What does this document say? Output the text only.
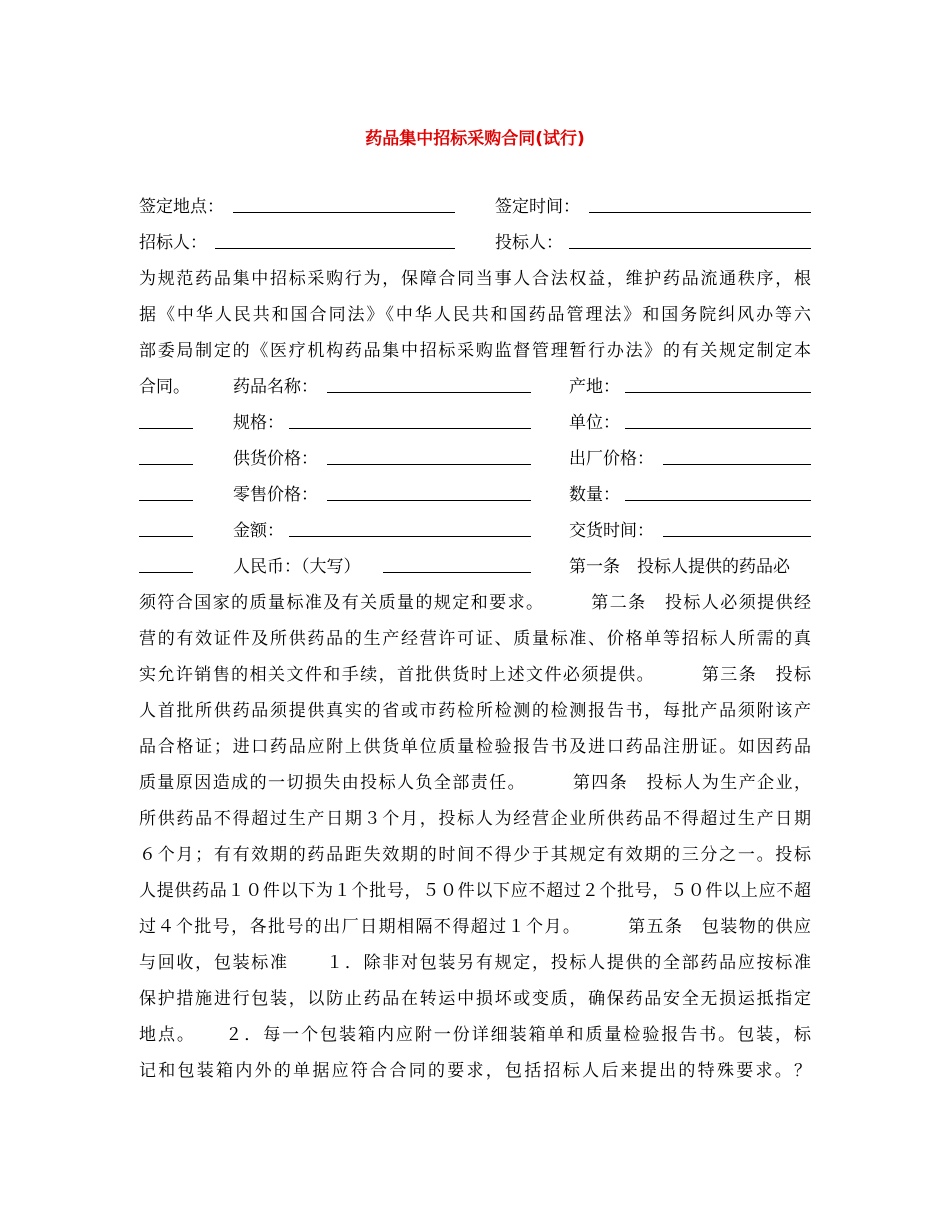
药品集中招标采购合同(试行)
签定地点：	签定时间：
招标人：	投标人：
为规范药品集中招标采购行为，保障合同当事人合法权益，维护药品流通秩序，根
据《中华人民共和国合同法》《中华人民共和国药品管理法》和国务院纠风办等六
部委局制定的《医疗机构药品集中招标采购监督管理暂行办法》的有关规定制定本
合同。	药品名称：	产地：
规格：	单位：
供货价格：	出厂价格：
零售价格：	数量：
金额：	交货时间：
人民币：（大写）	第一条　投标人提供的药品必
须符合国家的质量标准及有关质量的规定和要求。　　　第二条　投标人必须提供经
营的有效证件及所供药品的生产经营许可证、质量标准、价格单等招标人所需的真
实允许销售的相关文件和手续，首批供货时上述文件必须提供。　　　第三条　投标
人首批所供药品须提供真实的省或市药检所检测的检测报告书，每批产品须附该产
品合格证；进口药品应附上供货单位质量检验报告书及进口药品注册证。如因药品
质量原因造成的一切损失由投标人负全部责任。　　　第四条　投标人为生产企业，
所供药品不得超过生产日期３个月，投标人为经营企业所供药品不得超过生产日期
６个月；有有效期的药品距失效期的时间不得少于其规定有效期的三分之一。投标
人提供药品１０件以下为１个批号，５０件以下应不超过２个批号，５０件以上应不超
过４个批号，各批号的出厂日期相隔不得超过１个月。　　　第五条　包装物的供应
与回收，包装标准　　１．除非对包装另有规定，投标人提供的全部药品应按标准
保护措施进行包装，以防止药品在转运中损坏或变质，确保药品安全无损运抵指定
地点。　　２．每一个包装箱内应附一份详细装箱单和质量检验报告书。包装，标
记和包装箱内外的单据应符合合同的要求，包括招标人后来提出的特殊要求。？
